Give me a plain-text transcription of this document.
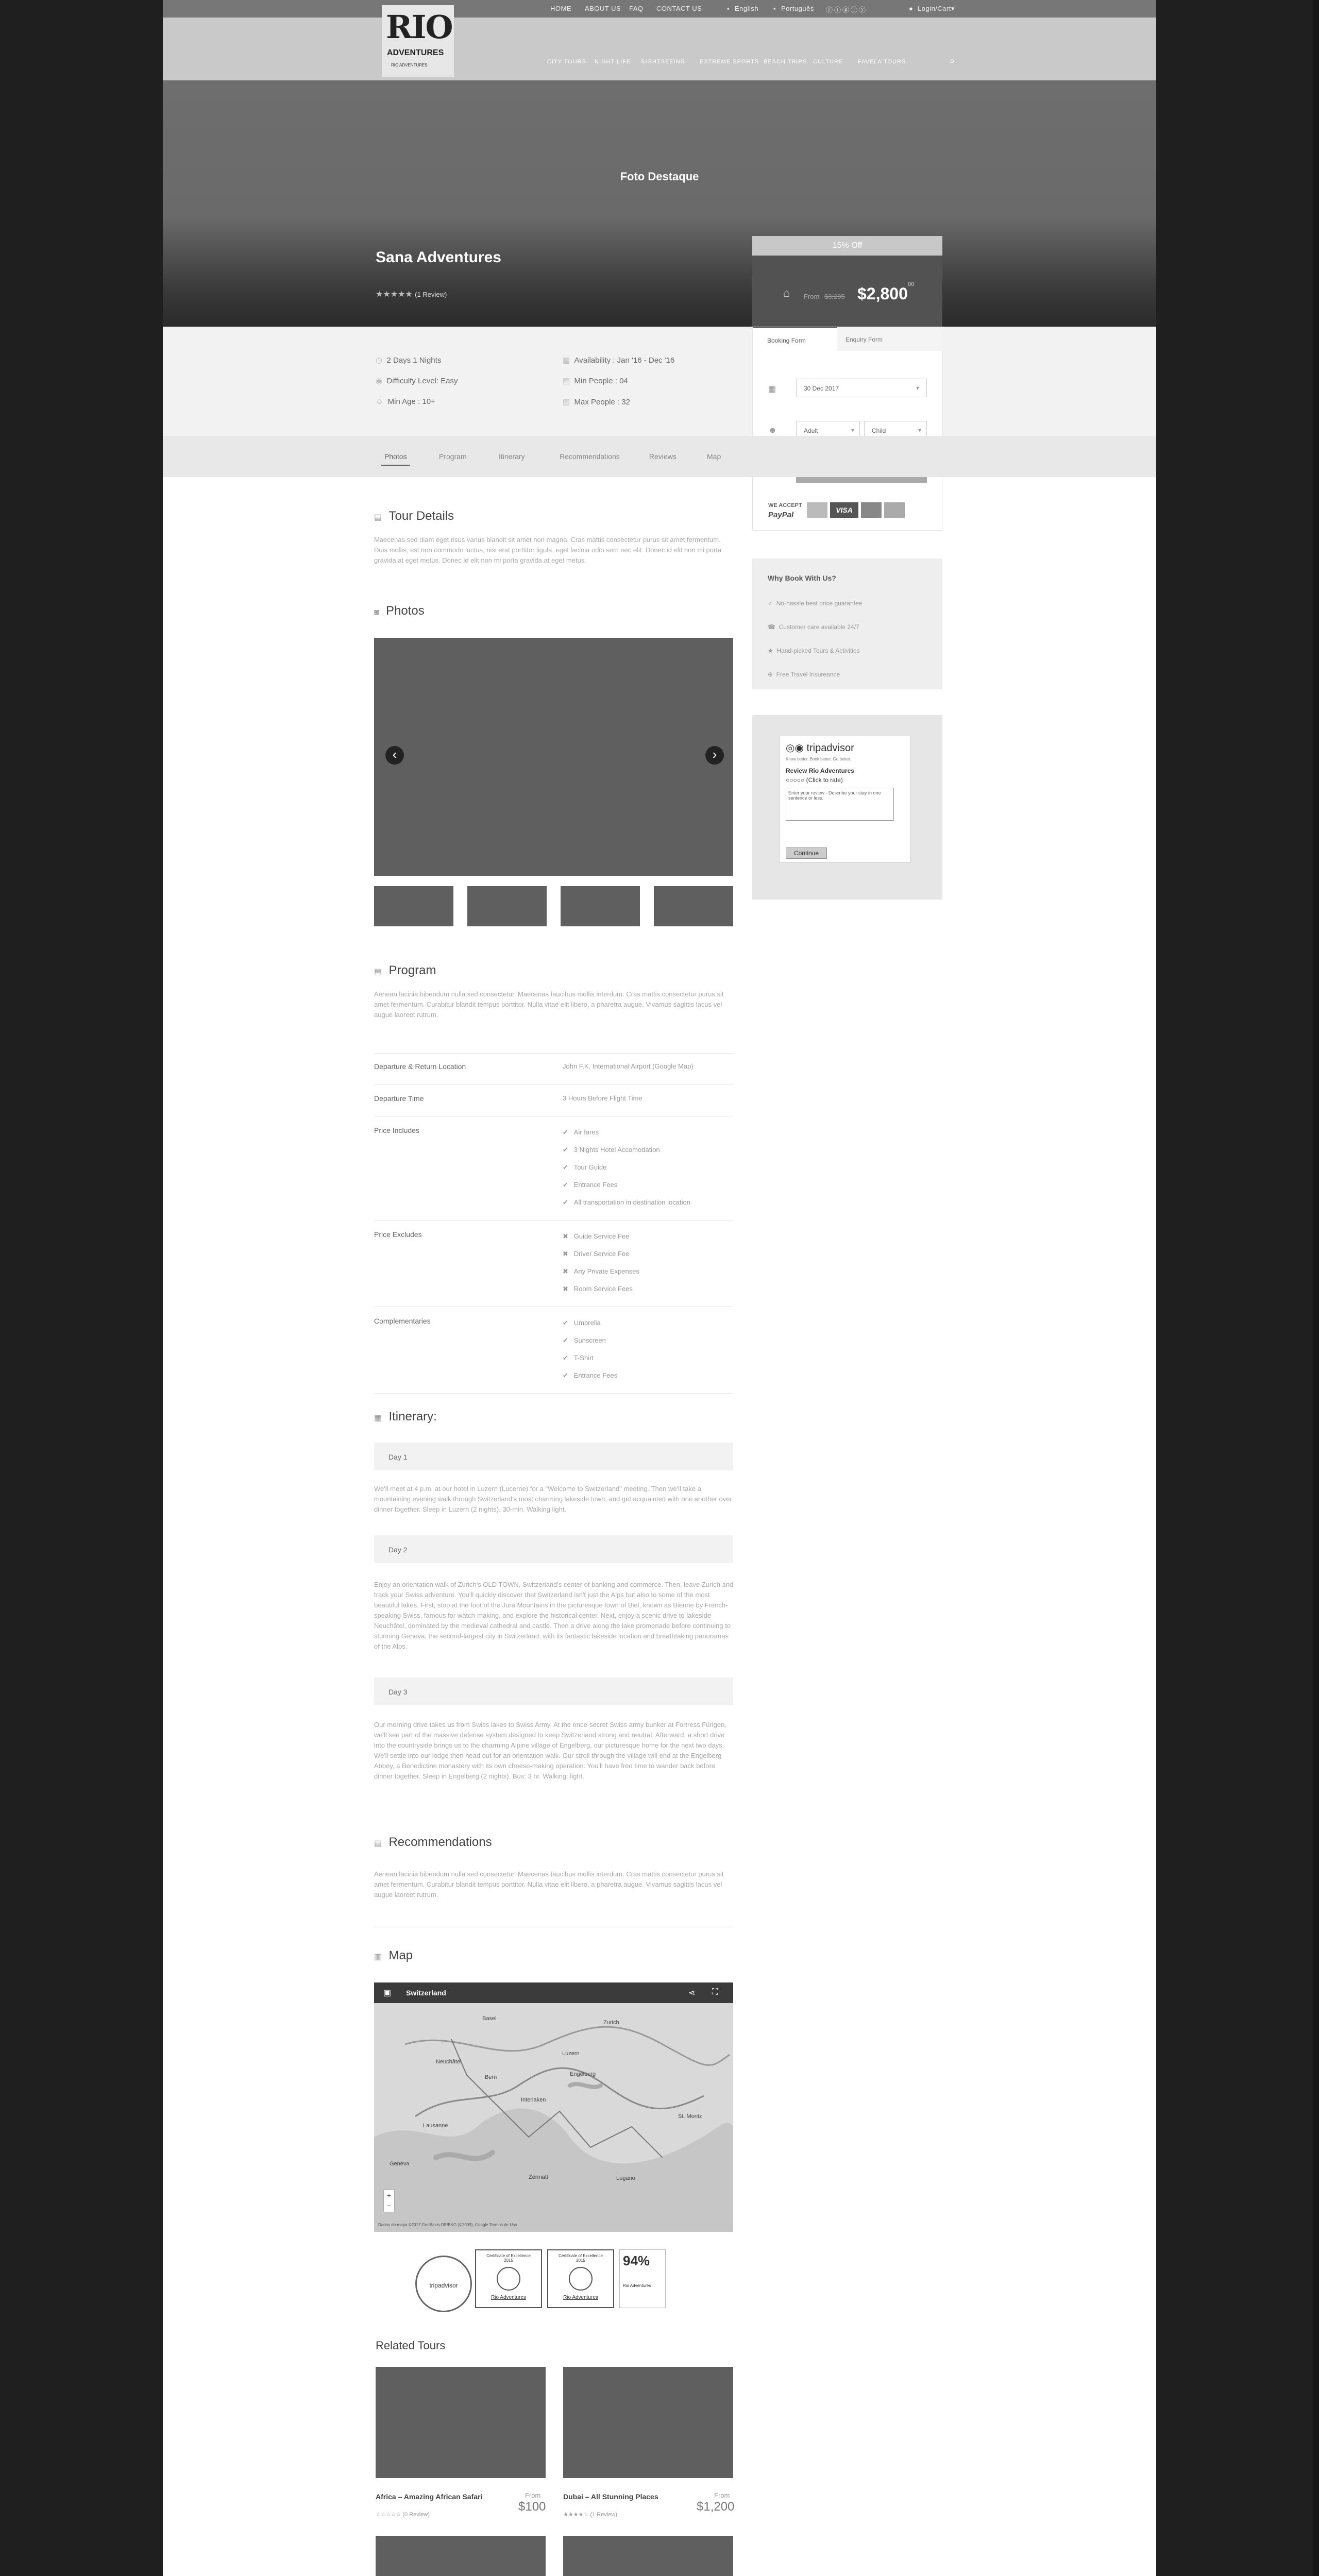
HOME ABOUT US FAQ CONTACT US	▪ English ▪ Português ⓕⓣⓖⓘⓨ	● Login/Cart ▾
RIO
ADVENTURES
RIO ADVENTURES
CITY TOURS NIGHT LIFE SIGHTSEEING	EXTREME SPORTS BEACH TRIPS CULTURE	FAVELA TOURS	⌕
Foto Destaque
Sana Adventures
★★★★★ (1 Review)
15% Off
⌂ From $3,295 $2,800 00
◷ 2 Days 1 Nights
◉ Difficulty Level: Easy
☺ Min Age : 10+
▦ Availability : Jan '16 - Dec '16
▤ Min People : 04
▤ Max People : 32
Booking Form	Enquiry Form
▦	30 Dec 2017	▾
☻	Adult	▾	Child	▾
WE ACCEPT
PayPal
VISA
Why Book With Us?
✓  No-hassle best price guarantee
☎  Customer care available 24/7
★  Hand-picked Tours & Activities
⊕  Free Travel Insureance
◎◉ tripadvisor
Know better. Book better. Go better.
Review Rio Adventures
○○○○○ (Click to rate)
Enter your review - Describe your stay in one sentence or less.
Continue
Photos	Program	Itinerary	Recommendations	Reviews	Map
▤ Tour Details
Maecenas sed diam eget risus varius blandit sit amet non magna. Cras mattis consectetur purus sit amet fermentum. Duis mollis, est non commodo luctus, nisi erat porttitor ligula, eget lacinia odio sem nec elit. Donec id elit non mi porta gravida at eget metus. Donec id elit non mi porta gravida at eget metus.
◙ Photos
‹	›
▤ Program
Aenean lacinia bibendum nulla sed consectetur. Maecenas faucibus mollis interdum. Cras mattis consectetur purus sit amet fermentum. Curabitur blandit tempus porttitor. Nulla vitae elit libero, a pharetra augue. Vivamus sagittis lacus vel augue laoreet rutrum.
Departure & Return Location	John F.K. International Airport (Google Map)
Departure Time	3 Hours Before Flight Time
Price Includes	✔   Air fares
✔   3 Nights Hotel Accomodation
✔   Tour Guide
✔   Entrance Fees
✔   All transportation in destination location
Price Excludes	✖   Guide Service Fee
✖   Driver Service Fee
✖   Any Private Expenses
✖   Room Service Fees
Complementaries	✔   Umbrella
✔   Sunscreen
✔   T-Shirt
✔   Entrance Fees
▦ Itinerary:
Day 1
We'll meet at 4 p.m. at our hotel in Luzern (Lucerne) for a "Welcome to Switzerland" meeting. Then we'll take a mountaining evening walk through Switzerland's most charming lakeside town, and get acquainted with one another over dinner together. Sleep in Luzern (2 nights). 30-min. Walking light.
Day 2
Enjoy an orientation walk of Zurich's OLD TOWN, Switzerland's center of banking and commerce. Then, leave Zurich and track your Swiss adventure. You'll quickly discover that Switzerland isn't just the Alps but also to some of the most beautiful lakes. First, stop at the foot of the Jura Mountains in the picturesque town of Biel, known as Bienne by French-speaking Swiss, famous for watch-making, and explore the historical center. Next, enjoy a scenic drive to lakeside Neuchâtel, dominated by the medieval cathedral and castle. Then a drive along the lake promenade before continuing to stunning Geneva, the second-largest city in Switzerland, with its fantastic lakeside location and breathtaking panoramas of the Alps.
Day 3
Our morning drive takes us from Swiss lakes to Swiss Army. At the once-secret Swiss army bunker at Fortress Fürigen, we'll see part of the massive defense system designed to keep Switzerland strong and neutral. Afterward, a short drive into the countryside brings us to the charming Alpine village of Engelberg, our picturesque home for the next two days. We'll settle into our lodge then head out for an orientation walk. Our stroll through the village will end at the Engelberg Abbey, a Benedictine monastery with its own cheese-making operation. You'll have free time to wander back before dinner together. Sleep in Engelberg (2 nights). Bus: 3 hr. Walking: light.
▤ Recommendations
Aenean lacinia bibendum nulla sed consectetur. Maecenas faucibus mollis interdum. Cras mattis consectetur purus sit amet fermentum. Curabitur blandit tempus porttitor. Nulla vitae elit libero, a pharetra augue. Vivamus sagittis lacus vel augue laoreet rutrum.
▥ Map
▣ Switzerland	⋖ ⛶
Basel
Zurich
Bern
Luzern
Geneva
Lausanne
Interlaken
Zermatt	Lugano
St. Moritz
Neuchâtel
Engelberg
+
−
Dados do mapa ©2017 GeoBasis-DE/BKG (©2009), Google Termos de Uso
tripadvisor
Certificate of Excellence
2015
Rio Adventures
Certificate of Excellence
2015
Rio Adventures
94%
Rio Adventures
Related Tours
Africa – Amazing African Safari	From
$100
☆☆☆☆☆ (0 Review)
Dubai – All Stunning Places	From
$1,200
★★★★☆ (1 Review)
